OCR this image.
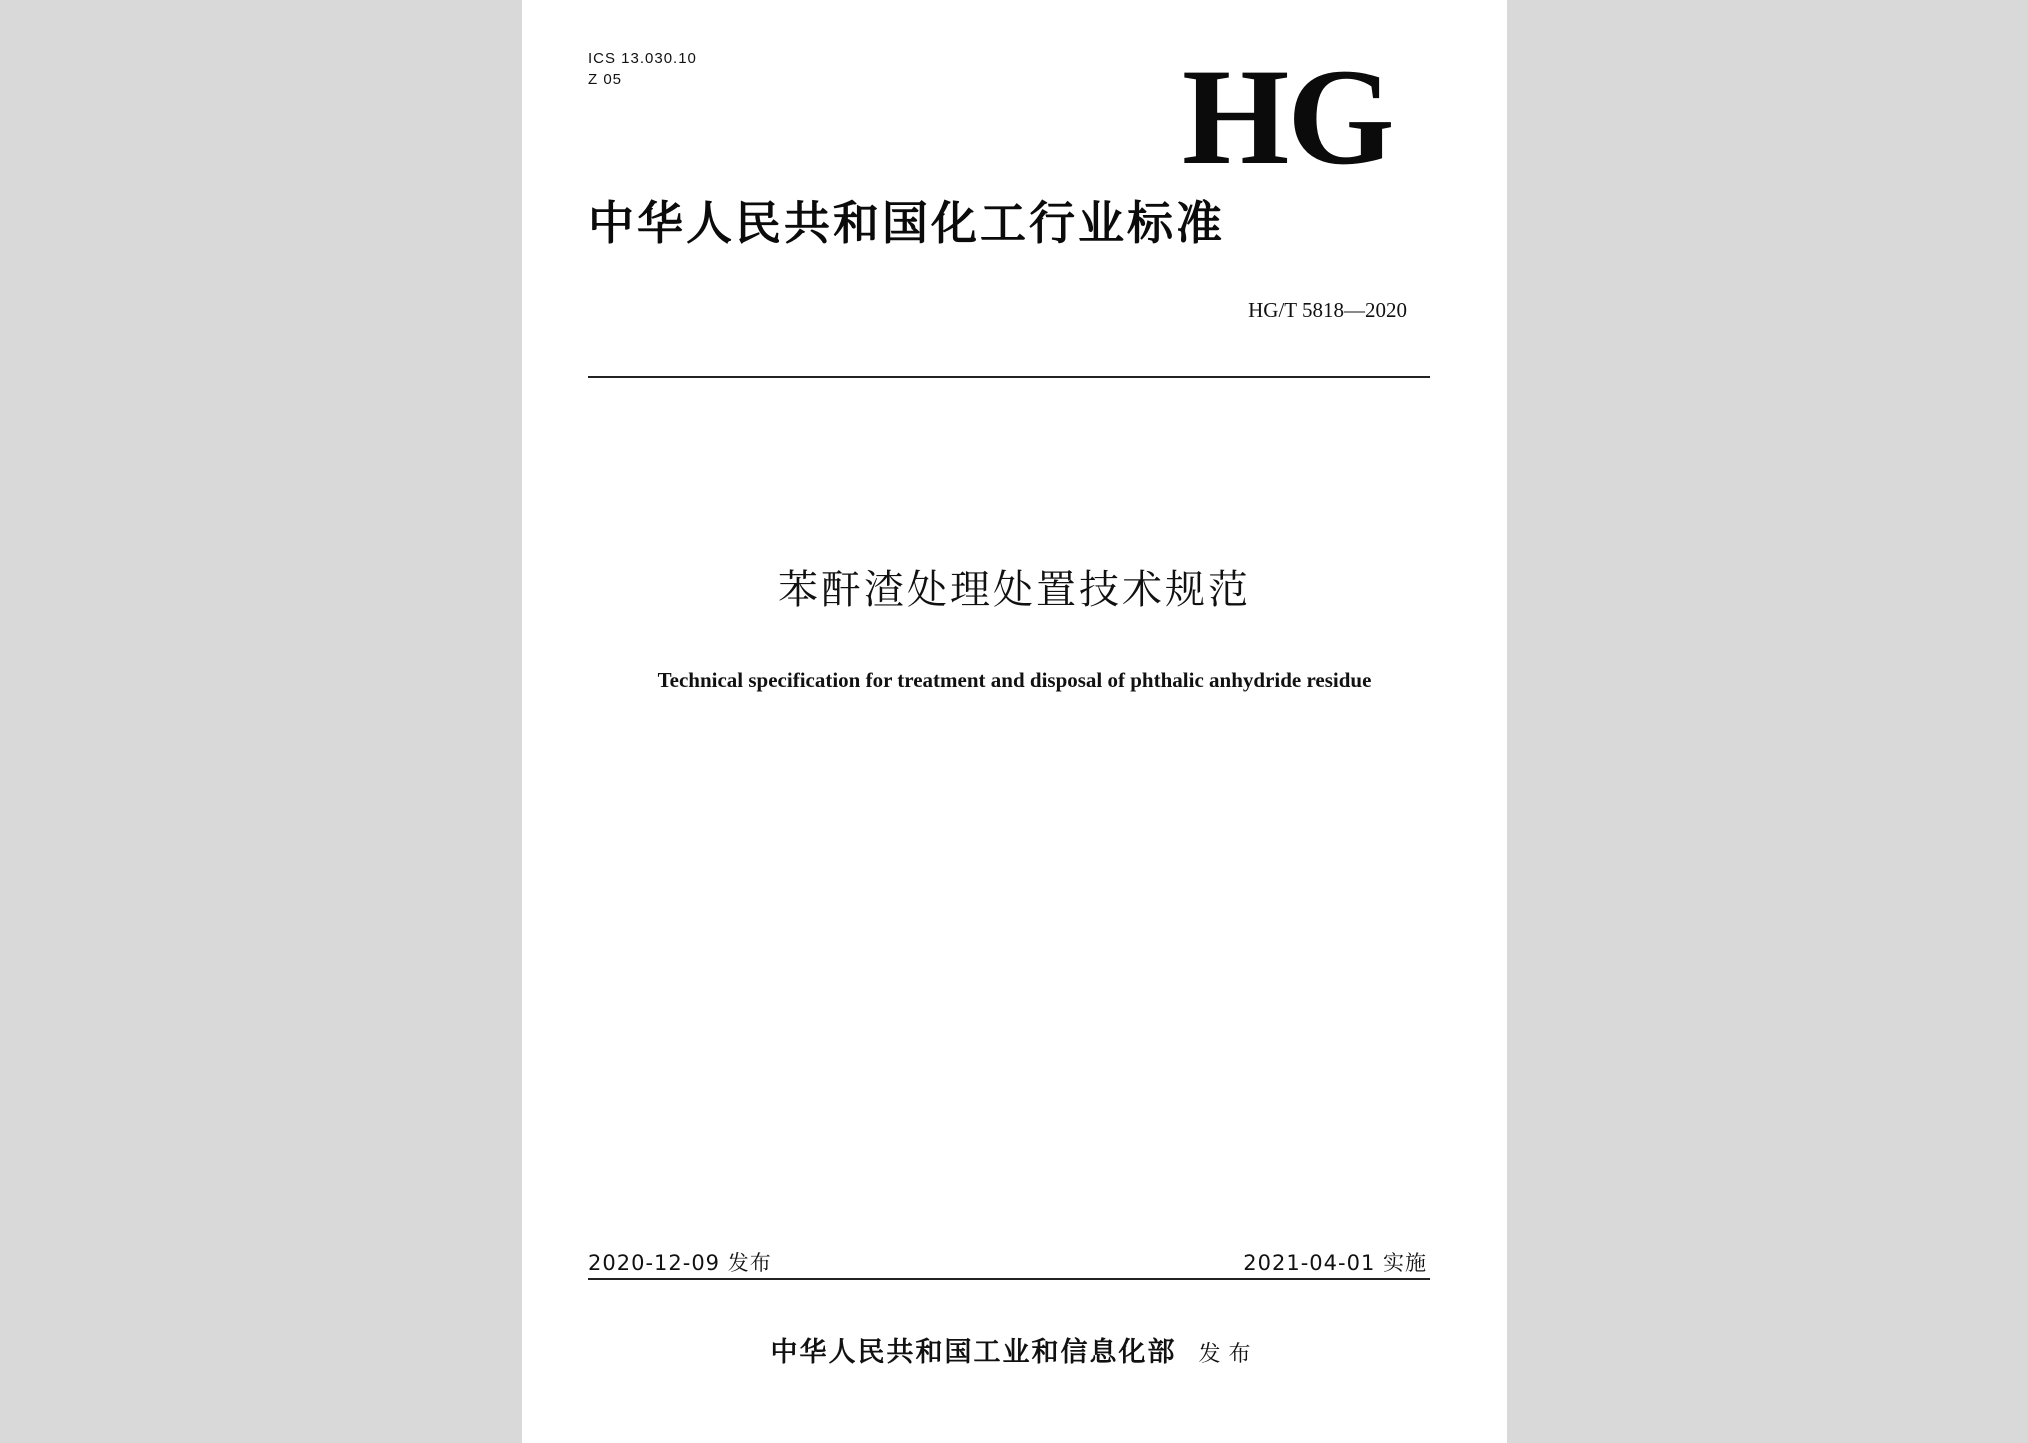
ICS 13.030.10
Z 05	HG
中华人民共和国化工行业标准
HG/T 5818—2020
苯酐渣处理处置技术规范
Technical specification for treatment and disposal of phthalic anhydride residue
2020-12-09 发布	2021-04-01 实施
中华人民共和国工业和信息化部 发布
